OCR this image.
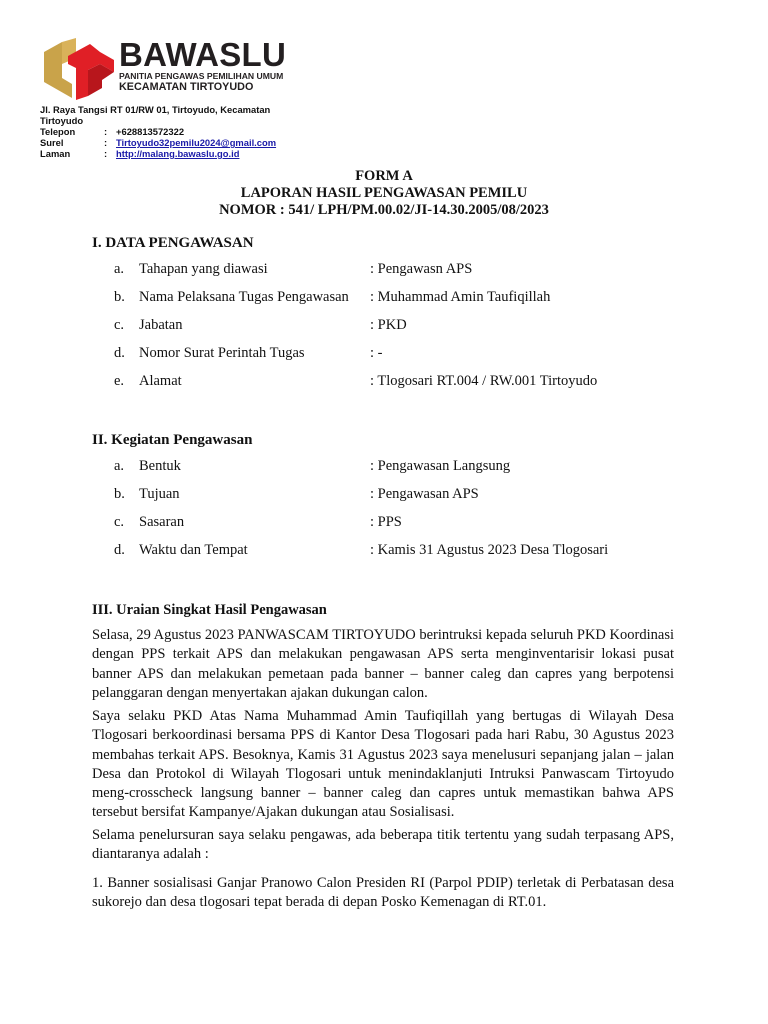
BAWASLU
PANITIA PENGAWAS PEMILIHAN UMUM
KECAMATAN TIRTOYUDO
Jl. Raya Tangsi RT 01/RW 01, Tirtoyudo, Kecamatan Tirtoyudo
Telepon	: +628813572322
Surel	: Tirtoyudo32pemilu2024@gmail.com
Laman	: http://malang.bawaslu.go.id
FORM A
LAPORAN HASIL PENGAWASAN PEMILU
NOMOR : 541/ LPH/PM.00.02/JI-14.30.2005/08/2023
I. DATA PENGAWASAN
a.	Tahapan yang diawasi	: Pengawasn APS
b. Nama Pelaksana Tugas Pengawasan : Muhammad Amin Taufiqillah
c.	Jabatan	: PKD
d. Nomor Surat Perintah Tugas	: -
e.	Alamat	: Tlogosari RT.004 / RW.001 Tirtoyudo
II. Kegiatan Pengawasan
a.	Bentuk	: Pengawasan Langsung
b. Tujuan	: Pengawasan APS
c.	Sasaran	: PPS
d. Waktu dan Tempat	: Kamis 31 Agustus 2023 Desa Tlogosari
III. Uraian Singkat Hasil Pengawasan
Selasa, 29 Agustus 2023 PANWASCAM TIRTOYUDO berintruksi kepada seluruh PKD Koordinasi dengan PPS terkait APS dan melakukan pengawasan APS serta menginventarisir lokasi pusat banner APS dan melakukan pemetaan pada banner – banner caleg dan capres yang berpotensi pelanggaran dengan menyertakan ajakan dukungan calon.
Saya selaku PKD Atas Nama Muhammad Amin Taufiqillah yang bertugas di Wilayah Desa Tlogosari berkoordinasi bersama PPS di Kantor Desa Tlogosari pada hari Rabu, 30 Agustus 2023 membahas terkait APS. Besoknya, Kamis 31 Agustus 2023 saya menelusuri sepanjang jalan – jalan Desa dan Protokol di Wilayah Tlogosari untuk menindaklanjuti Intruksi Panwascam Tirtoyudo meng-crosscheck langsung banner – banner caleg dan capres untuk memastikan bahwa APS tersebut bersifat Kampanye/Ajakan dukungan atau Sosialisasi.
Selama penelursuran saya selaku pengawas, ada beberapa titik tertentu yang sudah terpasang APS, diantaranya adalah :
1. Banner sosialisasi Ganjar Pranowo Calon Presiden RI (Parpol PDIP) terletak di Perbatasan desa sukorejo dan desa tlogosari tepat berada di depan Posko Kemenagan di RT.01.
